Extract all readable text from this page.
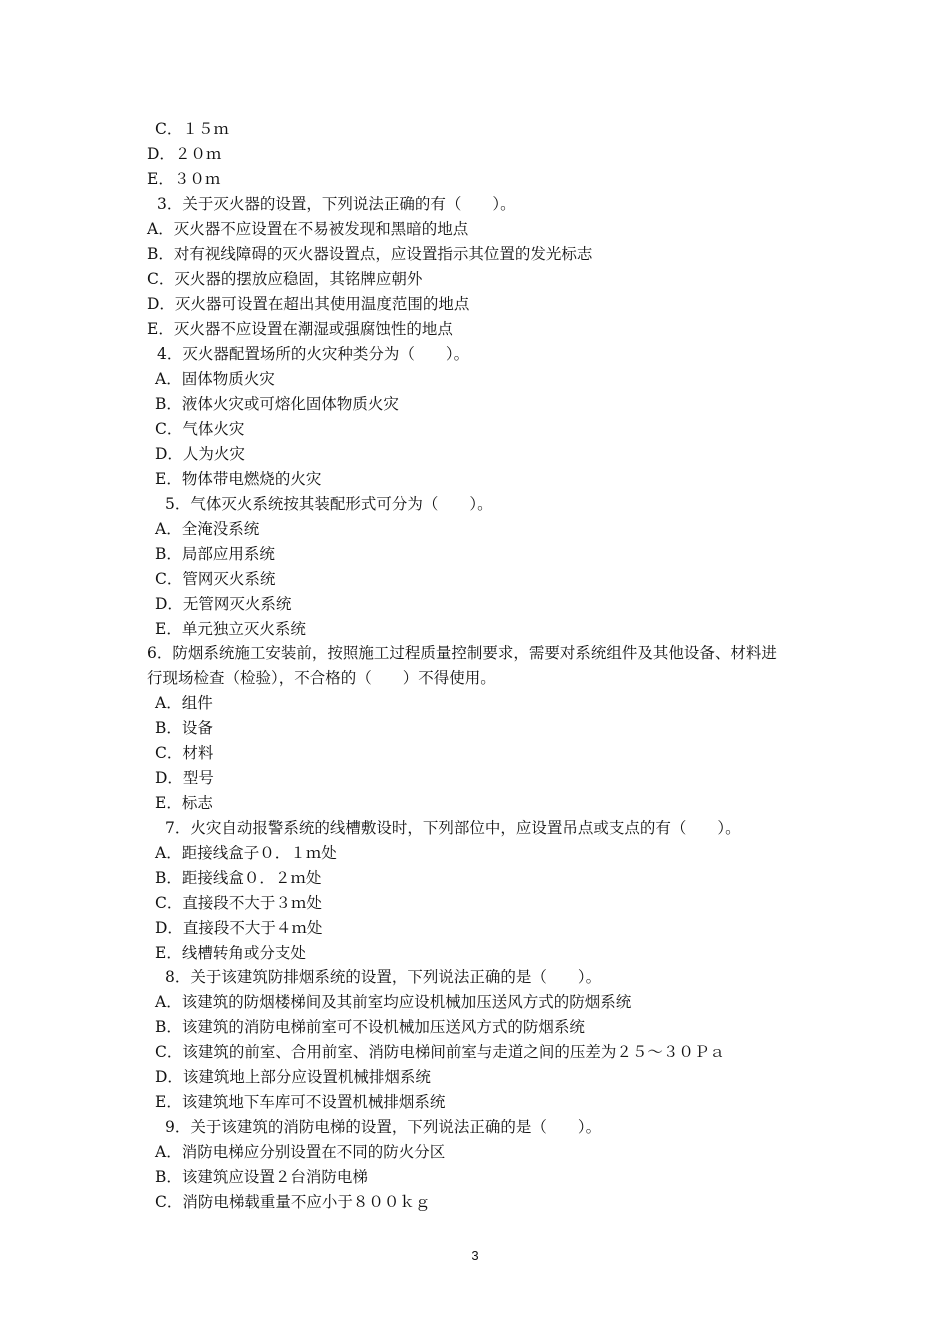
C．１５ｍ
D．２０ｍ
E．３０ｍ
3．关于灭火器的设置，下列说法正确的有（　　）。
A．灭火器不应设置在不易被发现和黑暗的地点
B．对有视线障碍的灭火器设置点，应设置指示其位置的发光标志
C．灭火器的摆放应稳固，其铭牌应朝外
D．灭火器可设置在超出其使用温度范围的地点
E．灭火器不应设置在潮湿或强腐蚀性的地点
4．灭火器配置场所的火灾种类分为（　　）。
A．固体物质火灾
B．液体火灾或可熔化固体物质火灾
C．气体火灾
D．人为火灾
E．物体带电燃烧的火灾
5．气体灭火系统按其装配形式可分为（　　）。
A．全淹没系统
B．局部应用系统
C．管网灭火系统
D．无管网灭火系统
E．单元独立灭火系统
6．防烟系统施工安装前，按照施工过程质量控制要求，需要对系统组件及其他设备、材料进
行现场检查（检验），不合格的（　　）不得使用。
A．组件
B．设备
C．材料
D．型号
E．标志
7．火灾自动报警系统的线槽敷设时，下列部位中，应设置吊点或支点的有（　　）。
A．距接线盒子０．１ｍ处
B．距接线盒０．２ｍ处
C．直接段不大于３ｍ处
D．直接段不大于４ｍ处
E．线槽转角或分支处
8．关于该建筑防排烟系统的设置，下列说法正确的是（　　）。
A．该建筑的防烟楼梯间及其前室均应设机械加压送风方式的防烟系统
B．该建筑的消防电梯前室可不设机械加压送风方式的防烟系统
C．该建筑的前室、合用前室、消防电梯间前室与走道之间的压差为２５～３０Ｐａ
D．该建筑地上部分应设置机械排烟系统
E．该建筑地下车库可不设置机械排烟系统
9．关于该建筑的消防电梯的设置，下列说法正确的是（　　）。
A．消防电梯应分别设置在不同的防火分区
B．该建筑应设置２台消防电梯
C．消防电梯载重量不应小于８００ｋｇ
3
